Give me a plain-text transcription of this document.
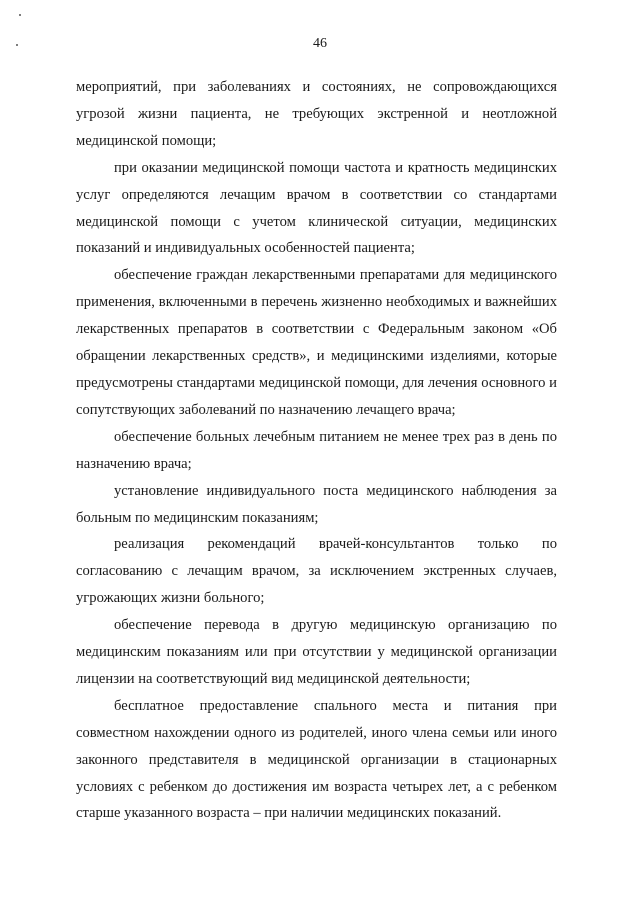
46

мероприятий, при заболеваниях и состояниях, не сопровождающихся угрозой жизни пациента, не требующих экстренной и неотложной медицинской помощи;

при оказании медицинской помощи частота и кратность медицинских услуг определяются лечащим врачом в соответствии со стандартами медицинской помощи с учетом клинической ситуации, медицинских показаний и индивидуальных особенностей пациента;

обеспечение граждан лекарственными препаратами для медицинского применения, включенными в перечень жизненно необходимых и важнейших лекарственных препаратов в соответствии с Федеральным законом «Об обращении лекарственных средств», и медицинскими изделиями, которые предусмотрены стандартами медицинской помощи, для лечения основного и сопутствующих заболеваний по назначению лечащего врача;

обеспечение больных лечебным питанием не менее трех раз в день по назначению врача;

установление индивидуального поста медицинского наблюдения за больным по медицинским показаниям;

реализация рекомендаций врачей-консультантов только по согласованию с лечащим врачом, за исключением экстренных случаев, угрожающих жизни больного;

обеспечение перевода в другую медицинскую организацию по медицинским показаниям или при отсутствии у медицинской организации лицензии на соответствующий вид медицинской деятельности;

бесплатное предоставление спального места и питания при совместном нахождении одного из родителей, иного члена семьи или иного законного представителя в медицинской организации в стационарных условиях с ребенком до достижения им возраста четырех лет, а с ребенком старше указанного возраста – при наличии медицинских показаний.
